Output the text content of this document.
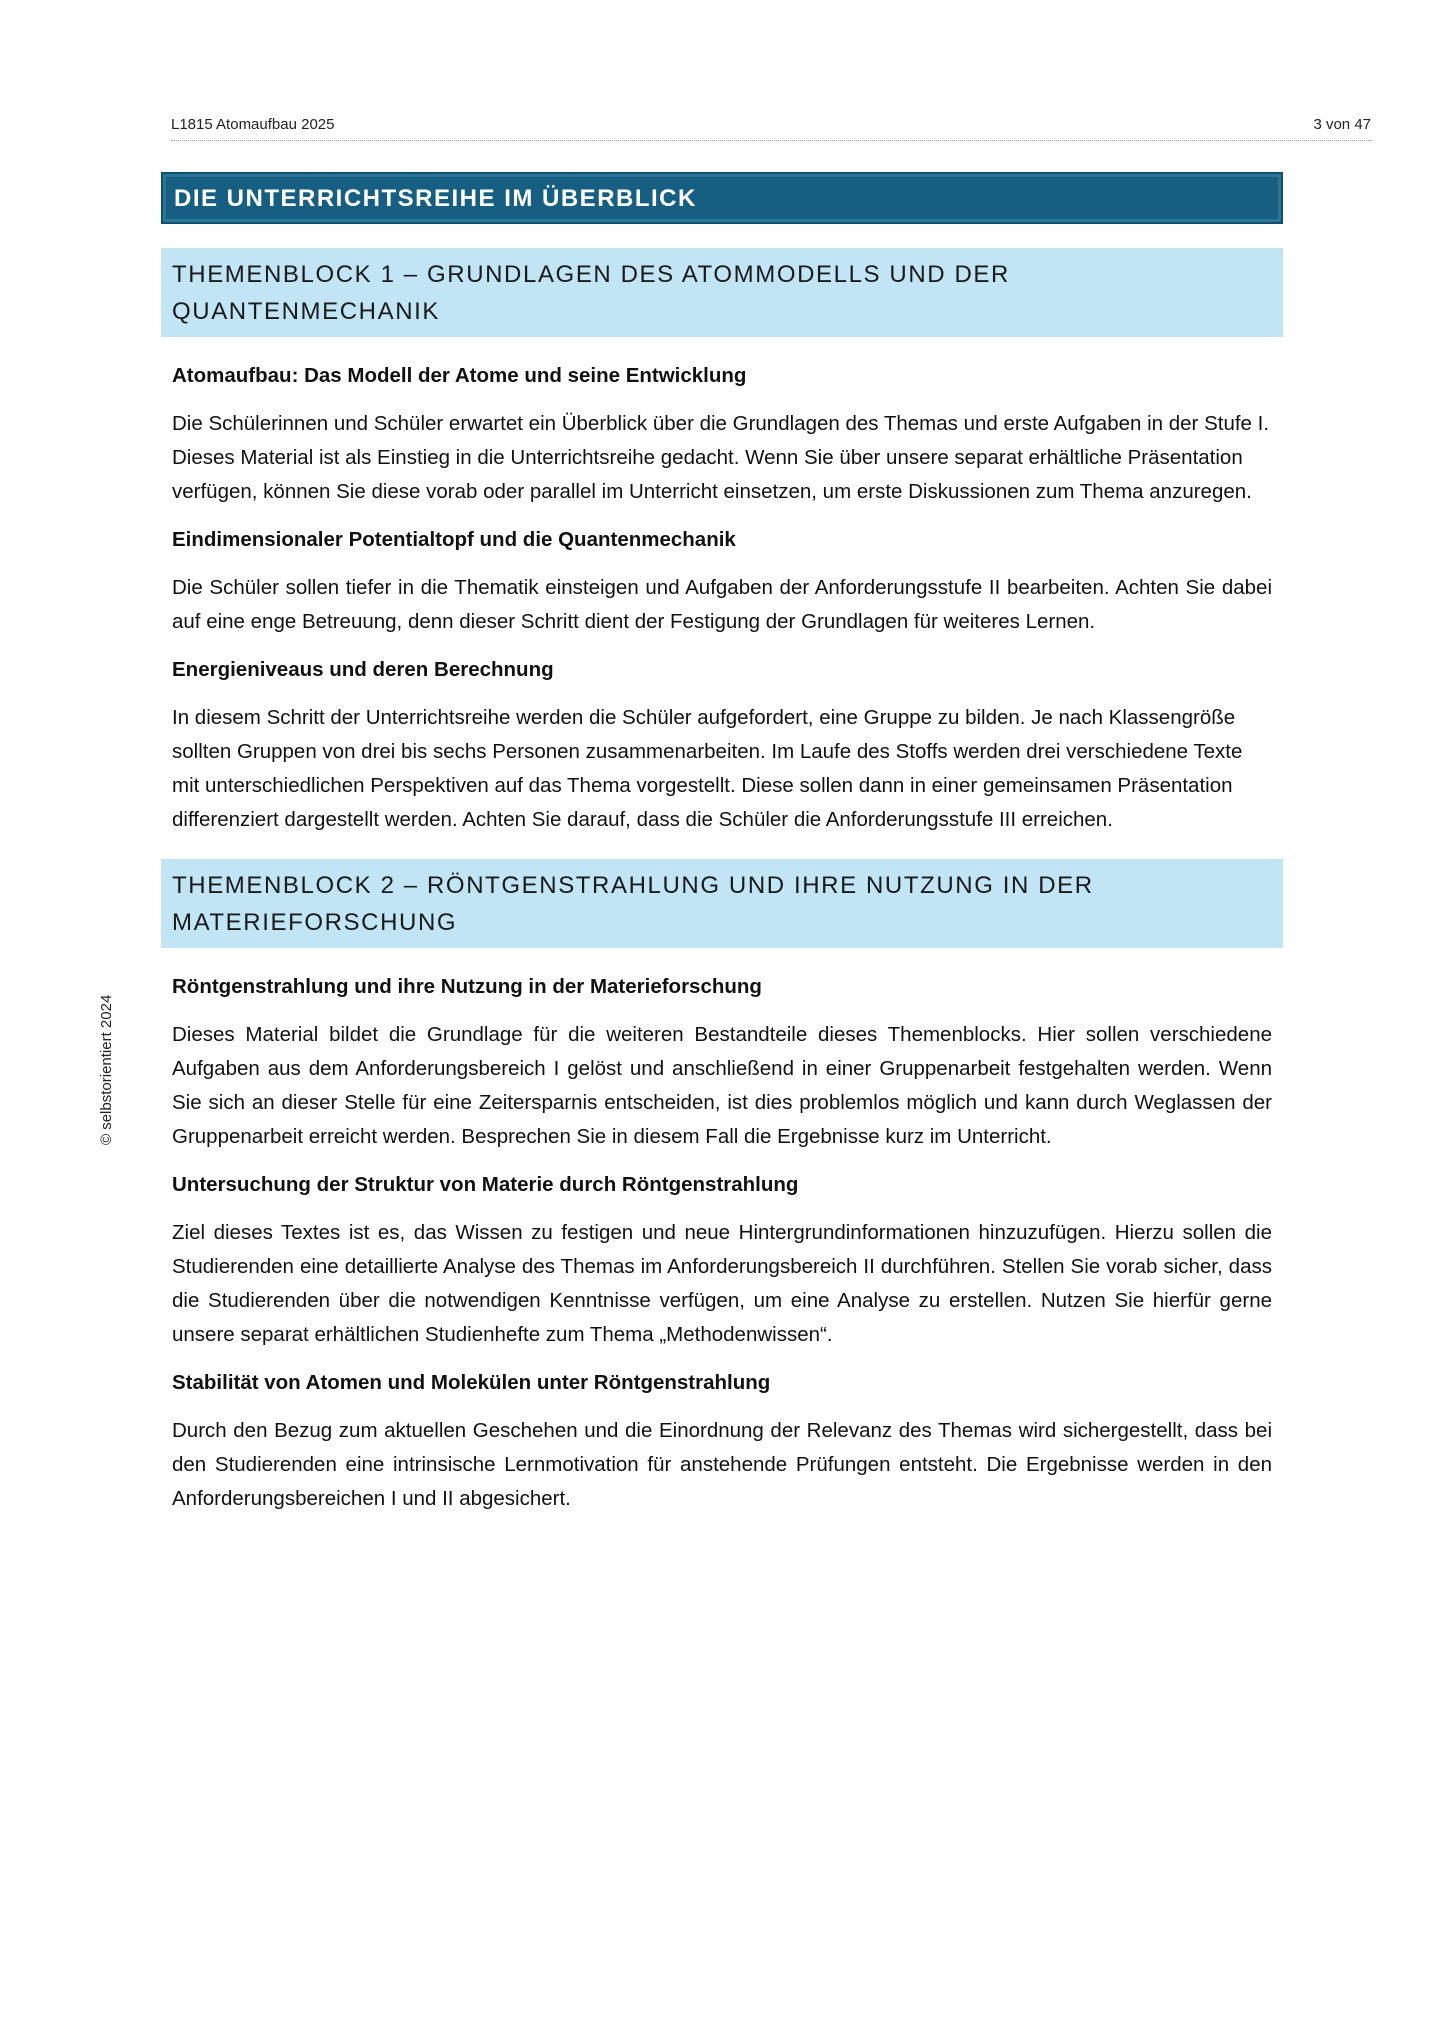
L1815 Atomaufbau 2025	3 von 47
© selbstorientiert 2024
DIE UNTERRICHTSREIHE IM ÜBERBLICK
THEMENBLOCK 1 – GRUNDLAGEN DES ATOMMODELLS UND DER
QUANTENMECHANIK
Atomaufbau: Das Modell der Atome und seine Entwicklung

Die Schülerinnen und Schüler erwartet ein Überblick über die Grundlagen des Themas und erste Aufgaben in der Stufe I. Dieses Material ist als Einstieg in die Unterrichtsreihe gedacht. Wenn Sie über unsere separat erhältliche Präsentation verfügen, können Sie diese vorab oder parallel im Unterricht einsetzen, um erste Diskussionen zum Thema anzuregen.

Eindimensionaler Potentialtopf und die Quantenmechanik

Die Schüler sollen tiefer in die Thematik einsteigen und Aufgaben der Anforderungsstufe II bearbeiten. Achten Sie dabei auf eine enge Betreuung, denn dieser Schritt dient der Festigung der Grundlagen für weiteres Lernen.

Energieniveaus und deren Berechnung

In diesem Schritt der Unterrichtsreihe werden die Schüler aufgefordert, eine Gruppe zu bilden. Je nach Klassengröße sollten Gruppen von drei bis sechs Personen zusammenarbeiten. Im Laufe des Stoffs werden drei verschiedene Texte mit unterschiedlichen Perspektiven auf das Thema vorgestellt. Diese sollen dann in einer gemeinsamen Präsentation differenziert dargestellt werden. Achten Sie darauf, dass die Schüler die Anforderungsstufe III erreichen.

THEMENBLOCK 2 – RÖNTGENSTRAHLUNG UND IHRE NUTZUNG IN DER
MATERIEFORSCHUNG
Röntgenstrahlung und ihre Nutzung in der Materieforschung

Dieses Material bildet die Grundlage für die weiteren Bestandteile dieses Themenblocks. Hier sollen verschiedene Aufgaben aus dem Anforderungsbereich I gelöst und anschließend in einer Gruppenarbeit festgehalten werden. Wenn Sie sich an dieser Stelle für eine Zeitersparnis entscheiden, ist dies problemlos möglich und kann durch Weglassen der Gruppenarbeit erreicht werden. Besprechen Sie in diesem Fall die Ergebnisse kurz im Unterricht.

Untersuchung der Struktur von Materie durch Röntgenstrahlung

Ziel dieses Textes ist es, das Wissen zu festigen und neue Hintergrundinformationen hinzuzufügen. Hierzu sollen die Studierenden eine detaillierte Analyse des Themas im Anforderungsbereich II durchführen. Stellen Sie vorab sicher, dass die Studierenden über die notwendigen Kenntnisse verfügen, um eine Analyse zu erstellen. Nutzen Sie hierfür gerne unsere separat erhältlichen Studienhefte zum Thema „Methodenwissen“.

Stabilität von Atomen und Molekülen unter Röntgenstrahlung

Durch den Bezug zum aktuellen Geschehen und die Einordnung der Relevanz des Themas wird sichergestellt, dass bei den Studierenden eine intrinsische Lernmotivation für anstehende Prüfungen entsteht. Die Ergebnisse werden in den Anforderungsbereichen I und II abgesichert.
